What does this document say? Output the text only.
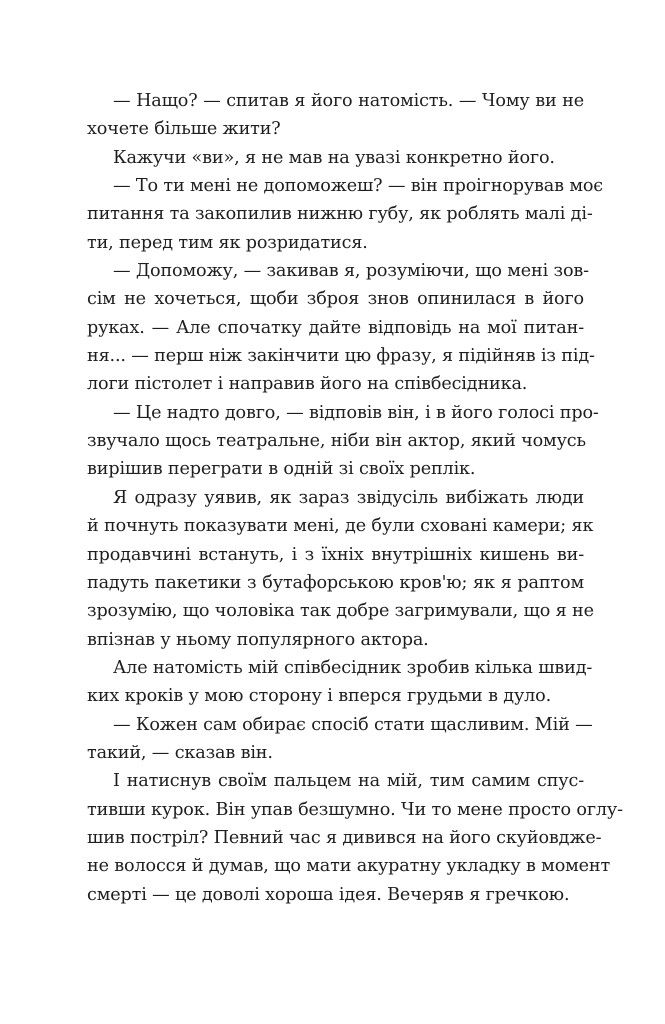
— Нащо? — спитав я його натомість. — Чому ви не
хочете більше жити?
Кажучи «ви», я не мав на увазі конкретно його.
— То ти мені не допоможеш? — він проігнорував моє
питання та закопилив нижню губу, як роблять малі ді-
ти, перед тим як розридатися.
— Допоможу, — закивав я, розуміючи, що мені зов-
сім не хочеться, щоби зброя знов опинилася в його
руках. — Але спочатку дайте відповідь на мої питан-
ня... — перш ніж закінчити цю фразу, я підійняв із під-
логи пістолет і направив його на співбесідника.
— Це надто довго, — відповів він, і в його голосі про-
звучало щось театральне, ніби він актор, який чомусь
вирішив переграти в одній зі своїх реплік.
Я одразу уявив, як зараз звідусіль вибіжать люди
й почнуть показувати мені, де були сховані камери; як
продавчині встануть, і з їхніх внутрішніх кишень ви-
падуть пакетики з бутафорською кров'ю; як я раптом
зрозумію, що чоловіка так добре загримували, що я не
впізнав у ньому популярного актора.
Але натомість мій співбесідник зробив кілька швид-
ких кроків у мою сторону і вперся грудьми в дуло.
— Кожен сам обирає спосіб стати щасливим. Мій —
такий, — сказав він.
І натиснув своїм пальцем на мій, тим самим спус-
тивши курок. Він упав безшумно. Чи то мене просто оглу-
шив постріл? Певний час я дивився на його скуйовдже-
не волосся й думав, що мати акуратну укладку в момент
смерті — це доволі хороша ідея. Вечеряв я гречкою.
